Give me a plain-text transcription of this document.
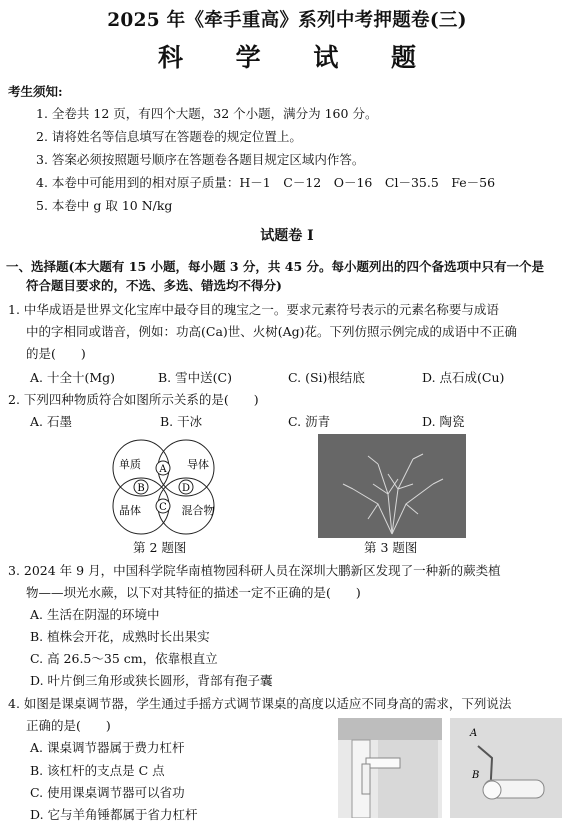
2025 年《牵手重高》系列中考押题卷(三)
科 学 试 题
考生须知:
1. 全卷共 12 页，有四个大题，32 个小题，满分为 160 分。
2. 请将姓名等信息填写在答题卷的规定位置上。
3. 答案必须按照题号顺序在答题卷各题目规定区域内作答。
4. 本卷中可能用到的相对原子质量：H－1　C－12　O－16　Cl－35.5　Fe－56
5. 本卷中 g 取 10 N/kg
试题卷 Ⅰ
一、选择题(本大题有 15 小题，每小题 3 分，共 45 分。每小题列出的四个备选项中只有一个是
符合题目要求的，不选、多选、错选均不得分)
1. 中华成语是世界文化宝库中最夺目的瑰宝之一。要求元素符号表示的元素名称要与成语
中的字相同或谐音，例如：功高(Ca)世、火树(Ag)花。下列仿照示例完成的成语中不正确
的是(　　)
A. 十全十(Mg)	B. 雪中送(C)	C. (Si)根结底	D. 点石成(Cu)
2. 下列四种物质符合如图所示关系的是(　　)
A. 石墨	B. 干冰	C. 沥青	D. 陶瓷
单质	导体
晶体	混合物
A
B	D
C
第 2 题图	第 3 题图
3. 2024 年 9 月，中国科学院华南植物园科研人员在深圳大鹏新区发现了一种新的蕨类植
物——坝光水蕨，以下对其特征的描述一定不正确的是(　　)
A. 生活在阴湿的环境中
B. 植株会开花，成熟时长出果实
C. 高 26.5～35 cm，依靠根直立
D. 叶片倒三角形或狭长圆形，背部有孢子囊
4. 如图是课桌调节器，学生通过手摇方式调节课桌的高度以适应不同身高的需求，下列说法
正确的是(　　)
A. 课桌调节器属于费力杠杆
B. 该杠杆的支点是 C 点
C. 使用课桌调节器可以省功
D. 它与羊角锤都属于省力杠杆
A
B
